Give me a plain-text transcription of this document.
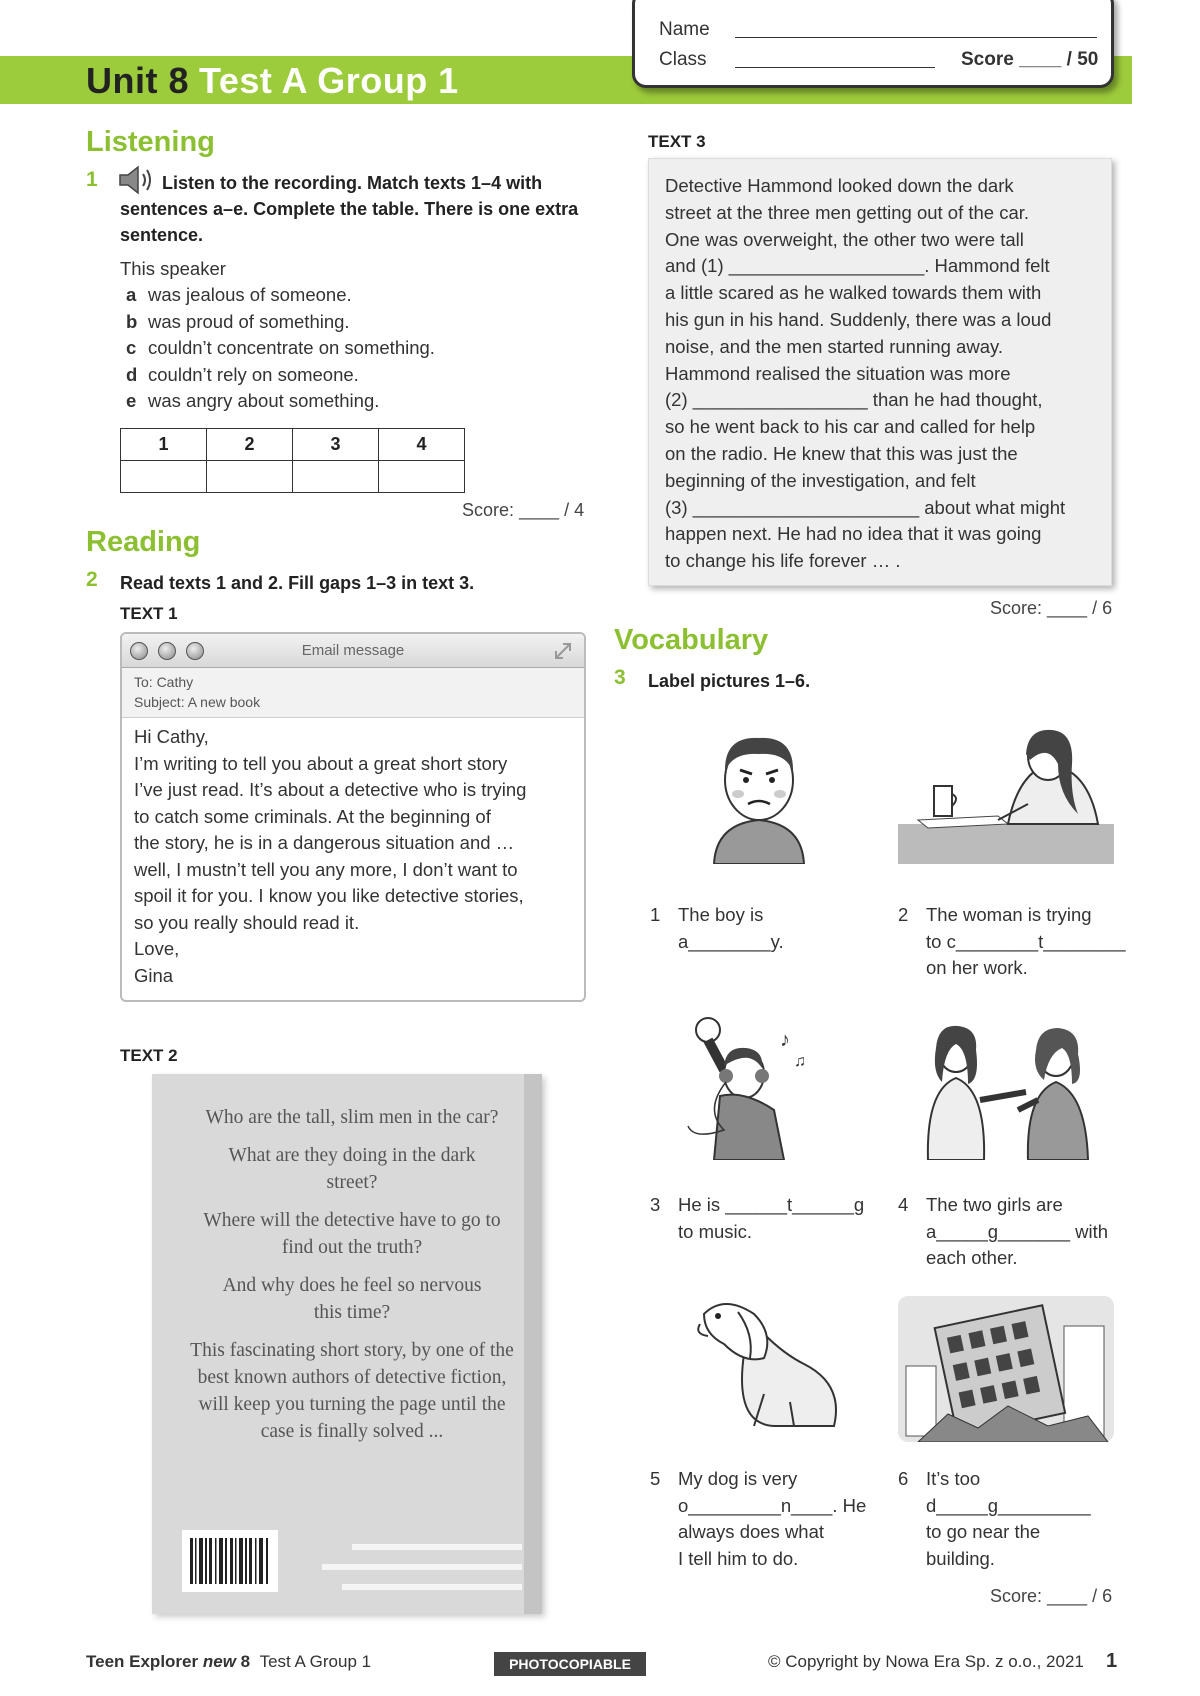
Unit 8 Test A Group 1
Name
Class	Score ____ / 50
Listening
1	Listen to the recording. Match texts 1–4 with sentences a–e. Complete the table. There is one extra sentence.
This speaker
a was jealous of someone.
b was proud of something.
c couldn’t concentrate on something.
d couldn’t rely on someone.
e was angry about something.
1	2	3	4

Score: ____ / 4
Reading
2 Read texts 1 and 2. Fill gaps 1–3 in text 3.
TEXT 1
Email message
To: Cathy
Subject: A new book
Hi Cathy,
I’m writing to tell you about a great short story
I’ve just read. It’s about a detective who is trying
to catch some criminals. At the beginning of
the story, he is in a dangerous situation and …
well, I mustn’t tell you any more, I don’t want to
spoil it for you. I know you like detective stories,
so you really should read it.
Love,
Gina
TEXT 2
Who are the tall, slim men in the car?
What are they doing in the dark street?
Where will the detective have to go to find out the truth?
And why does he feel so nervous this time?
This fascinating short story, by one of the best known authors of detective fiction, will keep you turning the page until the case is finally solved ...
TEXT 3
Detective Hammond looked down the dark
street at the three men getting out of the car.
One was overweight, the other two were tall
and (1) ___________________. Hammond felt
a little scared as he walked towards them with
his gun in his hand. Suddenly, there was a loud
noise, and the men started running away.
Hammond realised the situation was more
(2) _________________ than he had thought,
so he went back to his car and called for help
on the radio. He knew that this was just the
beginning of the investigation, and felt
(3) ______________________ about what might
happen next. He had no idea that it was going
to change his life forever … .
Score: ____ / 6
Vocabulary
3 Label pictures 1–6.
♪
♫
1 The boy is
a________y.
2 The woman is trying
to c________t________
on her work.
3 He is ______t______g
to music.
4 The two girls are
a_____g_______ with
each other.
5 My dog is very
o_________n____. He
always does what
I tell him to do.
6 It’s too
d_____g_________
to go near the
building.
Score: ____ / 6
Teen Explorer new 8 Test A Group 1	PHOTOCOPIABLE	© Copyright by Nowa Era Sp. z o.o., 2021 1
